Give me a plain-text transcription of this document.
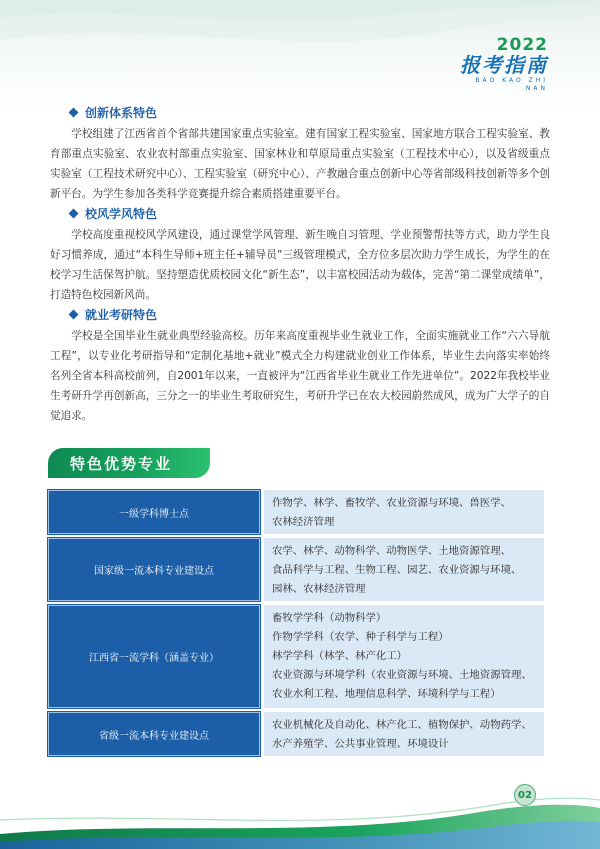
2022
报考指南
BAO KAO ZHI NAN
创新体系特色

学校组建了江西省首个省部共建国家重点实验室。建有国家工程实验室、国家地方联合工程实验室、教育部重点实验室、农业农村部重点实验室、国家林业和草原局重点实验室（工程技术中心），以及省级重点实验室（工程技术研究中心）、工程实验室（研究中心）、产教融合重点创新中心等省部级科技创新等多个创新平台。为学生参加各类科学竞赛提升综合素质搭建重要平台。

校风学风特色

学校高度重视校风学风建设，通过课堂学风管理、新生晚自习管理、学业预警帮扶等方式，助力学生良好习惯养成，通过“本科生导师+班主任+辅导员”三级管理模式，全方位多层次助力学生成长，为学生的在校学习生活保驾护航。坚持塑造优质校园文化“新生态”，以丰富校园活动为载体，完善“第二课堂成绩单”，打造特色校园新风尚。

就业考研特色

学校是全国毕业生就业典型经验高校。历年来高度重视毕业生就业工作，全面实施就业工作“六六导航工程”，以专业化考研指导和“定制化基地+就业”模式全力构建就业创业工作体系，毕业生去向落实率始终名列全省本科高校前列，自2001年以来，一直被评为“江西省毕业生就业工作先进单位”。2022年我校毕业生考研升学再创新高，三分之一的毕业生考取研究生，考研升学已在农大校园蔚然成风，成为广大学子的自觉追求。

特色优势专业
一级学科博士点
作物学、林学、畜牧学、农业资源与环境、兽医学、
农林经济管理
国家级一流本科专业建设点
农学、林学、动物科学、动物医学、土地资源管理、
食品科学与工程、生物工程、园艺、农业资源与环境、
园林、农林经济管理
江西省一流学科（涵盖专业）
畜牧学学科（动物科学）
作物学学科（农学、种子科学与工程）
林学学科（林学、林产化工）
农业资源与环境学科（农业资源与环境、土地资源管理、
农业水利工程、地理信息科学、环境科学与工程）
省级一流本科专业建设点
农业机械化及自动化、林产化工、植物保护、动物药学、
水产养殖学、公共事业管理、环境设计
02
